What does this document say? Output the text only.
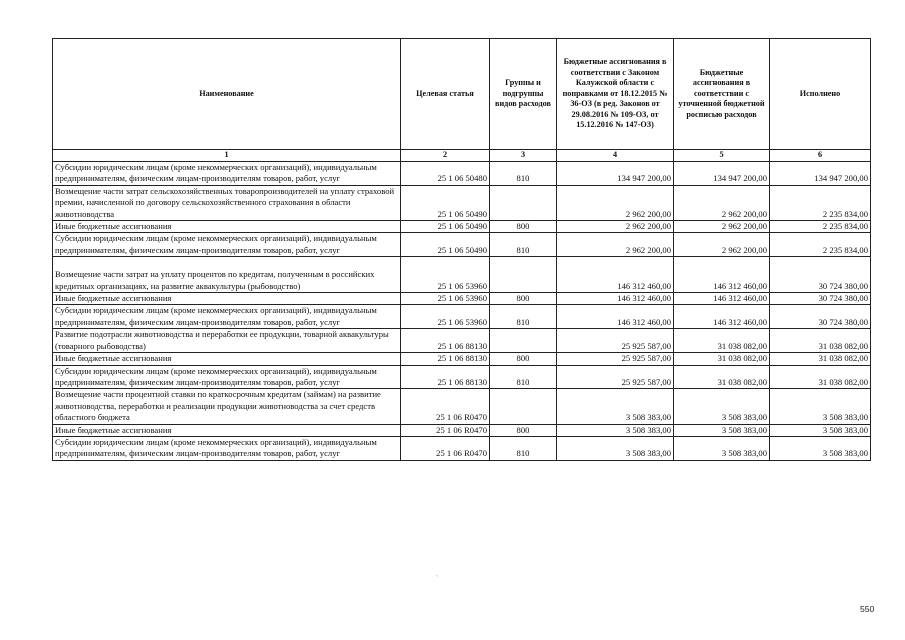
Наименование	Целевая статья	Группы и подгруппы видов расходов	Бюджетные ассигнования в соответствии с Законом Калужской области с поправками от 18.12.2015 № 36-ОЗ (в ред. Законов от 29.08.2016 № 109-ОЗ, от 15.12.2016 № 147-ОЗ)	Бюджетные ассигнования в соответствии с уточненной бюджетной росписью расходов	Исполнено
1	2	3	4	5	6
Субсидии юридическим лицам (кроме некоммерческих организаций), индивидуальным предпринимателям, физическим лицам-производителям товаров, работ, услуг	25 1 06 50480	810	134 947 200,00	134 947 200,00	134 947 200,00
Возмещение части затрат сельскохозяйственных товаропроизводителей на уплату страховой премии, начисленной по договору сельскохозяйственного страхования в области животноводства	25 1 06 50490		2 962 200,00	2 962 200,00	2 235 834,00
Иные бюджетные ассигнования	25 1 06 50490	800	2 962 200,00	2 962 200,00	2 235 834,00
Субсидии юридическим лицам (кроме некоммерческих организаций), индивидуальным предпринимателям, физическим лицам-производителям товаров, работ, услуг	25 1 06 50490	810	2 962 200,00	2 962 200,00	2 235 834,00
Возмещение части затрат на уплату процентов по кредитам, полученным в российских кредитных организациях, на развитие аквакультуры (рыбоводство)	25 1 06 53960		146 312 460,00	146 312 460,00	30 724 380,00
Иные бюджетные ассигнования	25 1 06 53960	800	146 312 460,00	146 312 460,00	30 724 380,00
Субсидии юридическим лицам (кроме некоммерческих организаций), индивидуальным предпринимателям, физическим лицам-производителям товаров, работ, услуг	25 1 06 53960	810	146 312 460,00	146 312 460,00	30 724 380,00
Развитие подотрасли животноводства и переработки ее продукции, товарной аквакультуры (товарного рыбоводства)	25 1 06 88130		25 925 587,00	31 038 082,00	31 038 082,00
Иные бюджетные ассигнования	25 1 06 88130	800	25 925 587,00	31 038 082,00	31 038 082,00
Субсидии юридическим лицам (кроме некоммерческих организаций), индивидуальным предпринимателям, физическим лицам-производителям товаров, работ, услуг	25 1 06 88130	810	25 925 587,00	31 038 082,00	31 038 082,00
Возмещение части процентной ставки по краткосрочным кредитам (займам) на развитие животноводства, переработки и реализации продукции животноводства за счет средств областного бюджета	25 1 06 R0470		3 508 383,00	3 508 383,00	3 508 383,00
Иные бюджетные ассигнования	25 1 06 R0470	800	3 508 383,00	3 508 383,00	3 508 383,00
Субсидии юридическим лицам (кроме некоммерческих организаций), индивидуальным предпринимателям, физическим лицам-производителям товаров, работ, услуг	25 1 06 R0470	810	3 508 383,00	3 508 383,00	3 508 383,00
`
550
